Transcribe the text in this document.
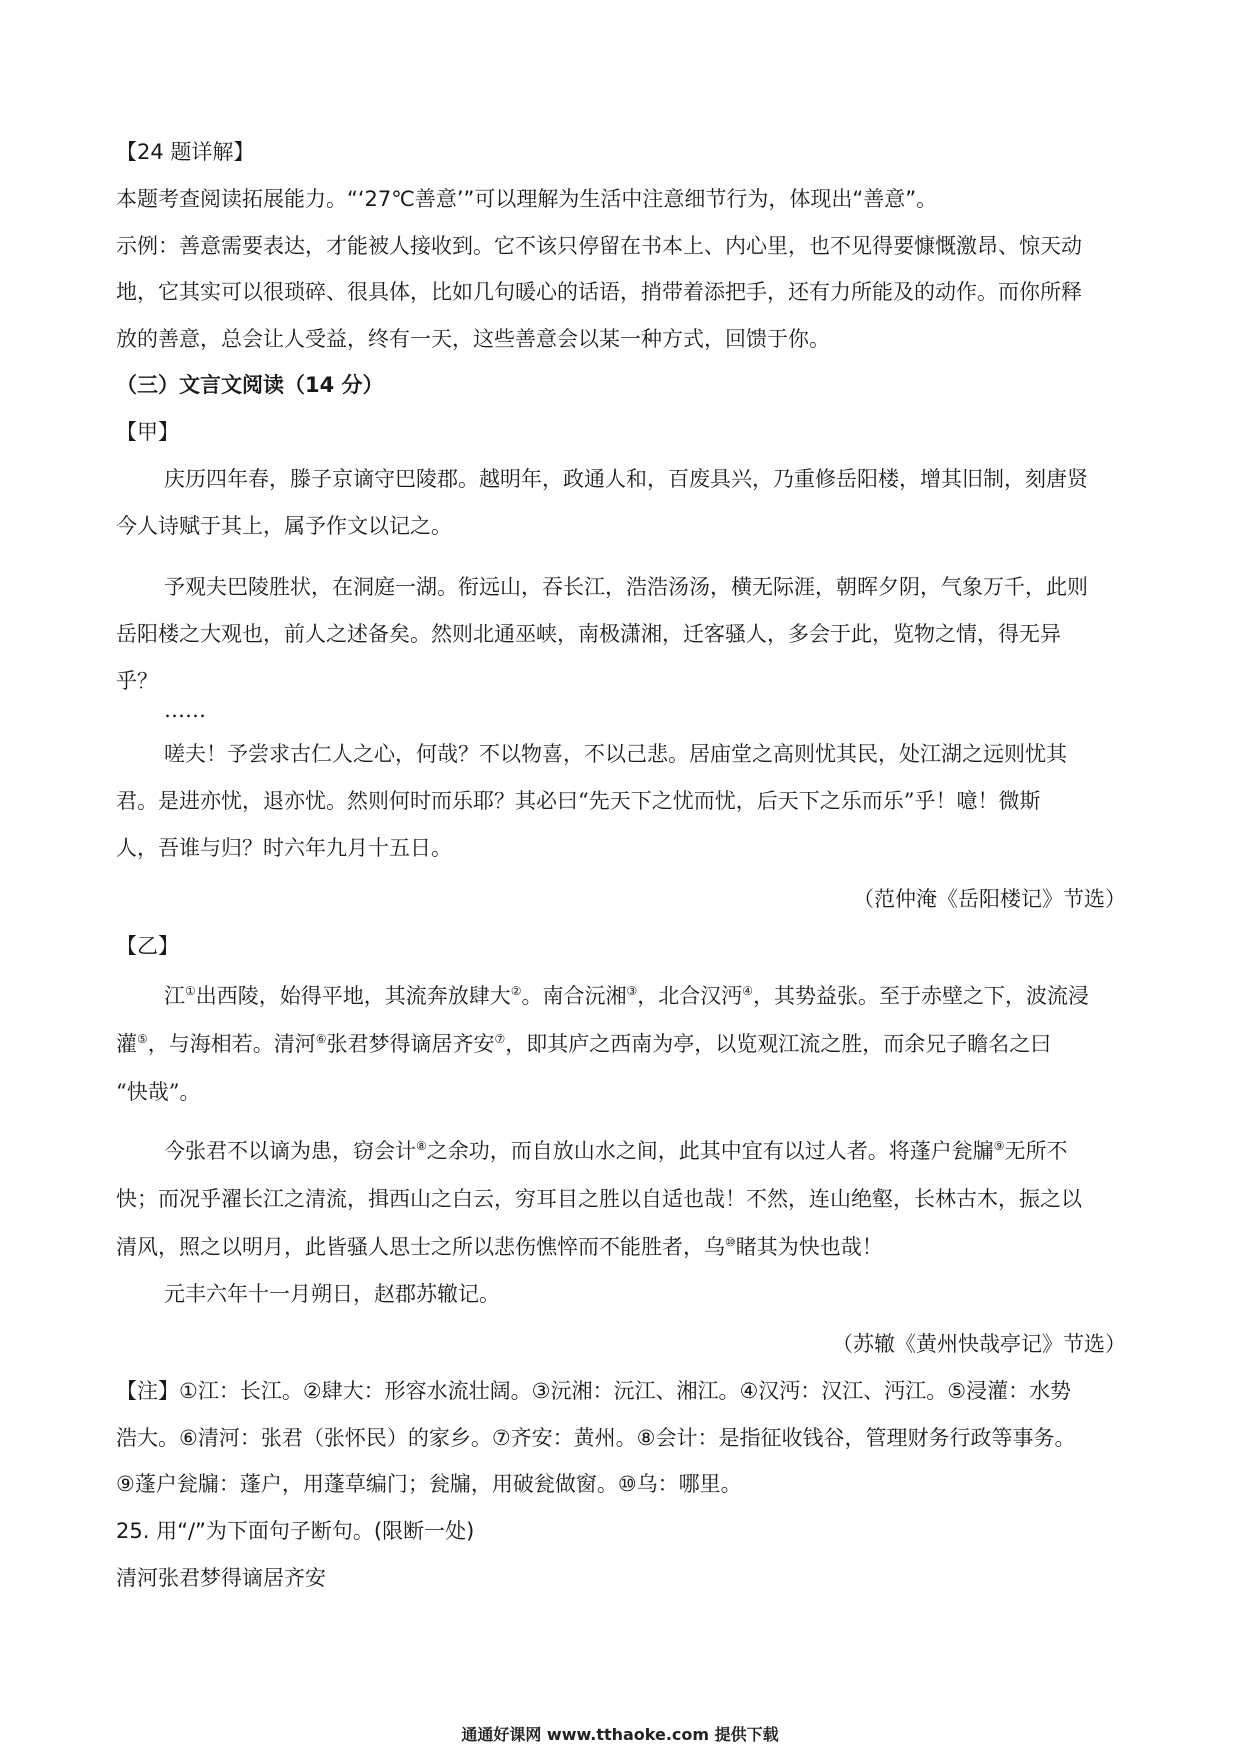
【24 题详解】

本题考查阅读拓展能力。“‘27℃善意’”可以理解为生活中注意细节行为，体现出“善意”。

示例：善意需要表达，才能被人接收到。它不该只停留在书本上、内心里，也不见得要慷慨激昂、惊天动

地，它其实可以很琐碎、很具体，比如几句暖心的话语，捎带着添把手，还有力所能及的动作。而你所释

放的善意，总会让人受益，终有一天，这些善意会以某一种方式，回馈于你。

（三）文言文阅读（14 分）

【甲】

庆历四年春，滕子京谪守巴陵郡。越明年，政通人和，百废具兴，乃重修岳阳楼，增其旧制，刻唐贤

今人诗赋于其上，属予作文以记之。

予观夫巴陵胜状，在洞庭一湖。衔远山，吞长江，浩浩汤汤，横无际涯，朝晖夕阴，气象万千，此则

岳阳楼之大观也，前人之述备矣。然则北通巫峡，南极潇湘，迁客骚人，多会于此，览物之情，得无异

乎？

……

嗟夫！予尝求古仁人之心，何哉？不以物喜，不以己悲。居庙堂之高则忧其民，处江湖之远则忧其

君。是进亦忧，退亦忧。然则何时而乐耶？其必曰“先天下之忧而忧，后天下之乐而乐”乎！噫！微斯

人，吾谁与归？时六年九月十五日。

（范仲淹《岳阳楼记》节选）

【乙】

江①出西陵，始得平地，其流奔放肆大②。南合沅湘③，北合汉沔④，其势益张。至于赤壁之下，波流浸

灌⑤，与海相若。清河⑥张君梦得谪居齐安⑦，即其庐之西南为亭，以览观江流之胜，而余兄子瞻名之曰

“快哉”。

今张君不以谪为患，窃会计⑧之余功，而自放山水之间，此其中宜有以过人者。将蓬户瓮牖⑨无所不

快；而况乎濯长江之清流，揖西山之白云，穷耳目之胜以自适也哉！不然，连山绝壑，长林古木，振之以

清风，照之以明月，此皆骚人思士之所以悲伤憔悴而不能胜者，乌⑩睹其为快也哉！

元丰六年十一月朔日，赵郡苏辙记。

（苏辙《黄州快哉亭记》节选）

【注】①江：长江。②肆大：形容水流壮阔。③沅湘：沅江、湘江。④汉沔：汉江、沔江。⑤浸灌：水势

浩大。⑥清河：张君（张怀民）的家乡。⑦齐安：黄州。⑧会计：是指征收钱谷，管理财务行政等事务。

⑨蓬户瓮牖：蓬户，用蓬草编门；瓮牖，用破瓮做窗。⑩乌：哪里。

25. 用“/”为下面句子断句。(限断一处)

清河张君梦得谪居齐安

通通好课网 www.tthaoke.com 提供下载
